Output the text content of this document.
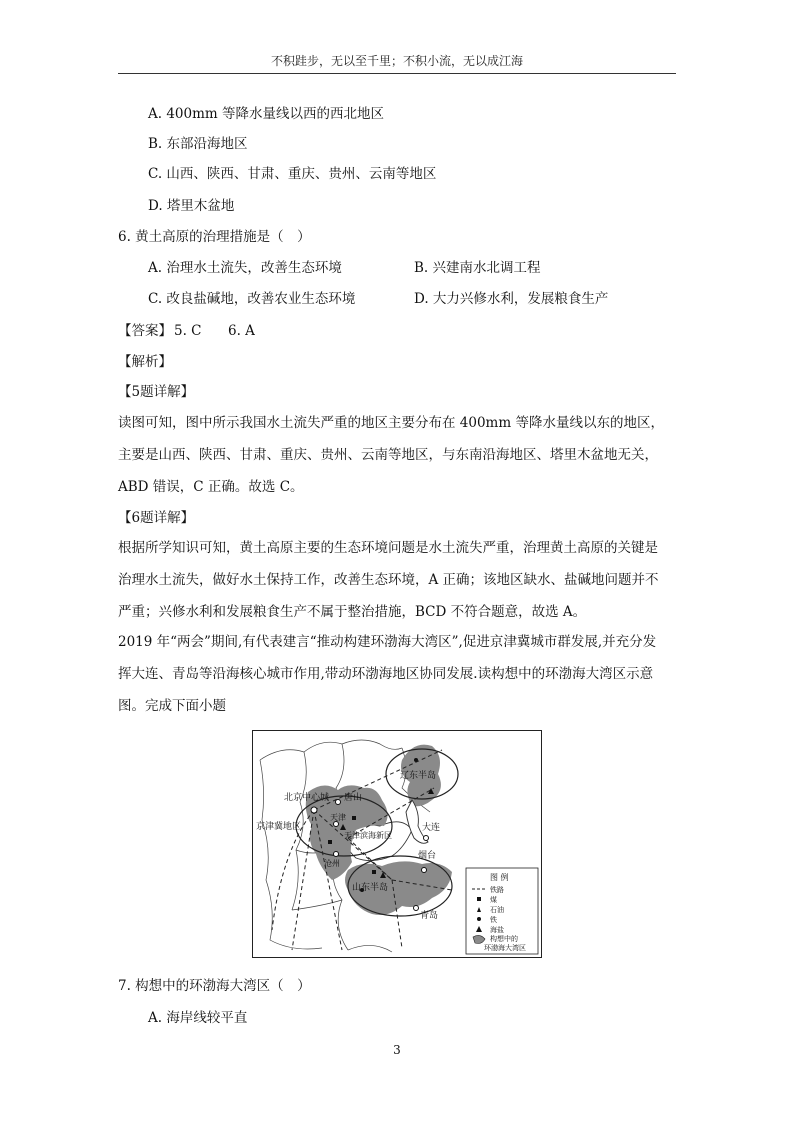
不积跬步，无以至千里；不积小流，无以成江海
A. 400mm 等降水量线以西的西北地区
B. 东部沿海地区
C. 山西、陕西、甘肃、重庆、贵州、云南等地区
D. 塔里木盆地
6. 黄土高原的治理措施是（　）
A. 治理水土流失，改善生态环境	B. 兴建南水北调工程
C. 改良盐碱地，改善农业生态环境	D. 大力兴修水利，发展粮食生产
【答案】 5. C 6. A
【解析】
【5题详解】
读图可知，图中所示我国水土流失严重的地区主要分布在 400mm 等降水量线以东的地区，
主要是山西、陕西、甘肃、重庆、贵州、云南等地区，与东南沿海地区、塔里木盆地无关，
ABD 错误，C 正确。故选 C。
【6题详解】
根据所学知识可知，黄土高原主要的生态环境问题是水土流失严重，治理黄土高原的关键是
治理水土流失，做好水土保持工作，改善生态环境，A 正确；该地区缺水、盐碱地问题并不
严重；兴修水利和发展粮食生产不属于整治措施，BCD 不符合题意，故选 A。
2019 年“两会”期间,有代表建言“推动构建环渤海大湾区”,促进京津冀城市群发展,并充分发
挥大连、青岛等沿海核心城市作用,带动环渤海地区协同发展.读构想中的环渤海大湾区示意
图。完成下面小题
北京中心城 唐山
辽东半岛
京津冀地区
天津
天津滨海新区
大连
沧州
烟台
山东半岛
青岛
图 例
铁路
煤
石油
铁
海盐
构想中的
环渤海大湾区
7. 构想中的环渤海大湾区（　）
A. 海岸线较平直
3
